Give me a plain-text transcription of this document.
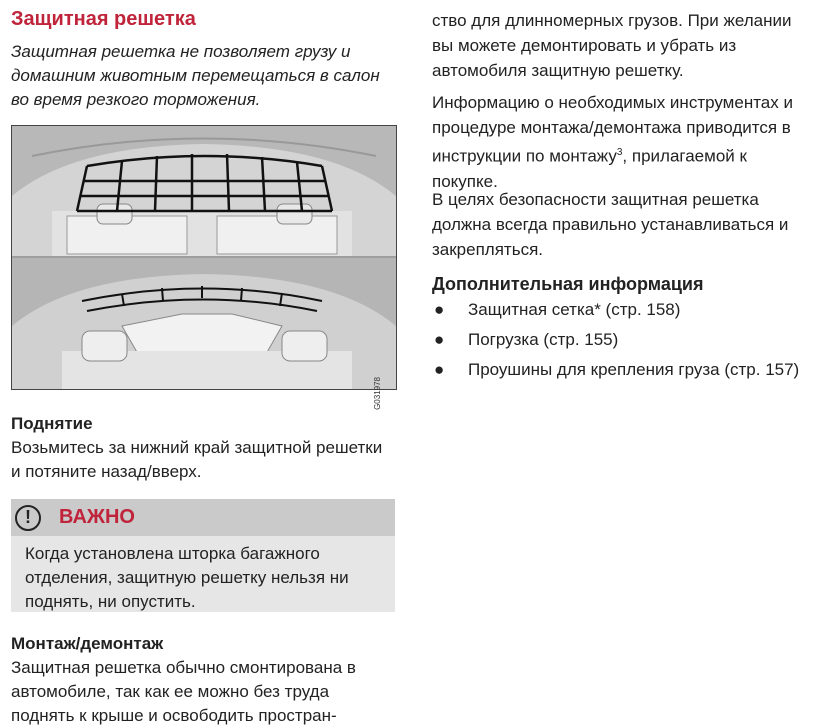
Защитная решетка

Защитная решетка не позволяет грузу и домашним животным перемещаться в салон во время резкого торможения.

G031978
Поднятие

Возьмитесь за нижний край защитной решетки и потяните назад/вверх.

!	ВАЖНО

Когда установлена шторка багажного отделения, защитную решетку нельзя ни поднять, ни опустить.

Монтаж/демонтаж

Защитная решетка обычно смонтирована в автомобиле, так как ее можно без труда поднять к крыше и освободить простран-

ство для длинномерных грузов. При желании вы можете демонтировать и убрать из автомобиля защитную решетку.

Информацию о необходимых инструментах и процедуре монтажа/демонтажа приводится в инструкции по монтажу$^3$, прилагаемой к покупке.

В целях безопасности защитная решетка должна всегда правильно устанавливаться и закрепляться.

Дополнительная информация
● Защитная сетка* (стр. 158)
● Погрузка (стр. 155)
● Проушины для крепления груза (стр. 157)
